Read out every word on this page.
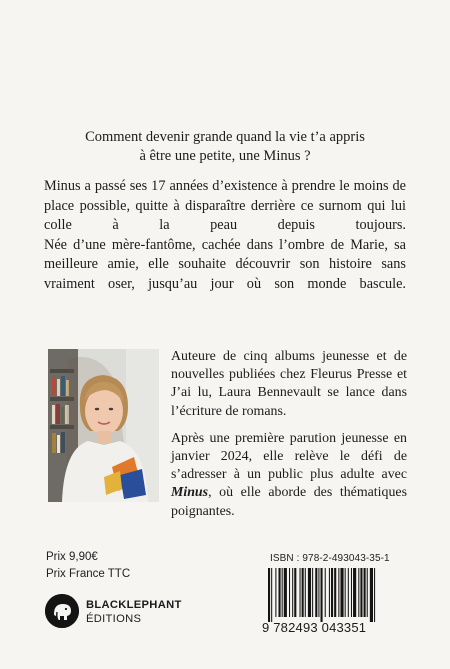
Comment devenir grande quand la vie t’a appris
à être une petite, une Minus ?

Minus a passé ses 17 années d’existence à prendre le moins de place possible, quitte à disparaître derrière ce surnom qui lui colle à la peau depuis toujours.

Née d’une mère-fantôme, cachée dans l’ombre de Marie, sa meilleure amie, elle souhaite découvrir son histoire sans vraiment oser, jusqu’au jour où son monde bascule.

Auteure de cinq albums jeunesse et de nouvelles publiées chez Fleurus Presse et J’ai lu, Laura Bennevault se lance dans l’écriture de romans.

Après une première parution jeunesse en janvier 2024, elle relève le défi de s’adresser à un public plus adulte avec Minus, où elle aborde des thématiques poignantes.

Prix 9,90€
Prix France TTC
ISBN : 978-2-493043-35-1
BLACKLEPHANT
ÉDITIONS
9 782493 043351
